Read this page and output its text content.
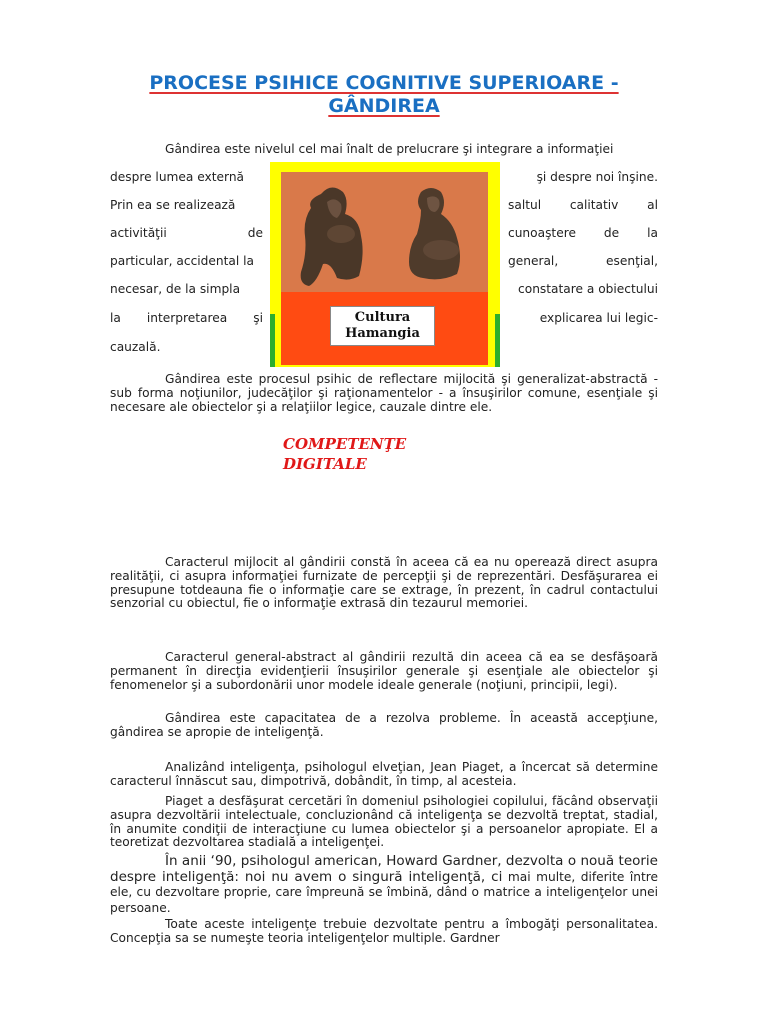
PROCESE PSIHICE COGNITIVE SUPERIOARE - GÂNDIREA
Gândirea este nivelul cel mai înalt de prelucrare şi integrare a informaţiei
despre lumea externă	şi despre noi înşine.
Prin ea se realizează	saltul calitativ al
activităţii	de	cunoaştere de la
particular, accidental la	general,	esenţial,
necesar, de la simpla	constatare a obiectului
la interpretarea şi	explicarea lui legic-
cauzală.
Cultura
Hamangia
Gândirea este procesul psihic de reflectare mijlocită şi generalizat-abstractă - sub forma noţiunilor, judecăţilor şi raţionamentelor - a însuşirilor comune, esenţiale şi necesare ale obiectelor şi a relaţiilor legice, cauzale dintre ele.
COMPETENŢE
DIGITALE
Caracterul mijlocit al gândirii constă în aceea că ea nu operează direct asupra realităţii, ci asupra informaţiei furnizate de percepţii şi de reprezentări. Desfăşurarea ei presupune totdeauna fie o informaţie care se extrage, în prezent, în cadrul contactului senzorial cu obiectul, fie o informaţie extrasă din tezaurul memoriei.
Caracterul general-abstract al gândirii rezultă din aceea că ea se desfăşoară permanent în direcţia evidenţierii însuşirilor generale şi esenţiale ale obiectelor şi fenomenelor şi a subordonării unor modele ideale generale (noţiuni, principii, legi).
Gândirea este capacitatea de a rezolva probleme. În această accepţiune, gândirea se apropie de inteligenţă.
Analizând inteligenţa, psihologul elveţian, Jean Piaget, a încercat să determine caracterul înnăscut sau, dimpotrivă, dobândit, în timp, al acesteia.
Piaget a desfăşurat cercetări în domeniul psihologiei copilului, făcând observaţii asupra dezvoltării intelectuale, concluzionând că inteligenţa se dezvoltă treptat, stadial, în anumite condiţii de interacţiune cu lumea obiectelor şi a persoanelor apropiate. El a teoretizat dezvoltarea stadială a inteligenţei.
În anii ‘90, psihologul american, Howard Gardner, dezvolta o nouă teorie despre inteligenţă: noi nu avem o singură inteligenţă, ci mai multe, diferite între ele, cu dezvoltare proprie, care împreună se îmbină, dând o matrice a inteligenţelor unei persoane.
Toate aceste inteligenţe trebuie dezvoltate pentru a îmbogăţi personalitatea. Concepţia sa se numeşte teoria inteligenţelor multiple. Gardner
